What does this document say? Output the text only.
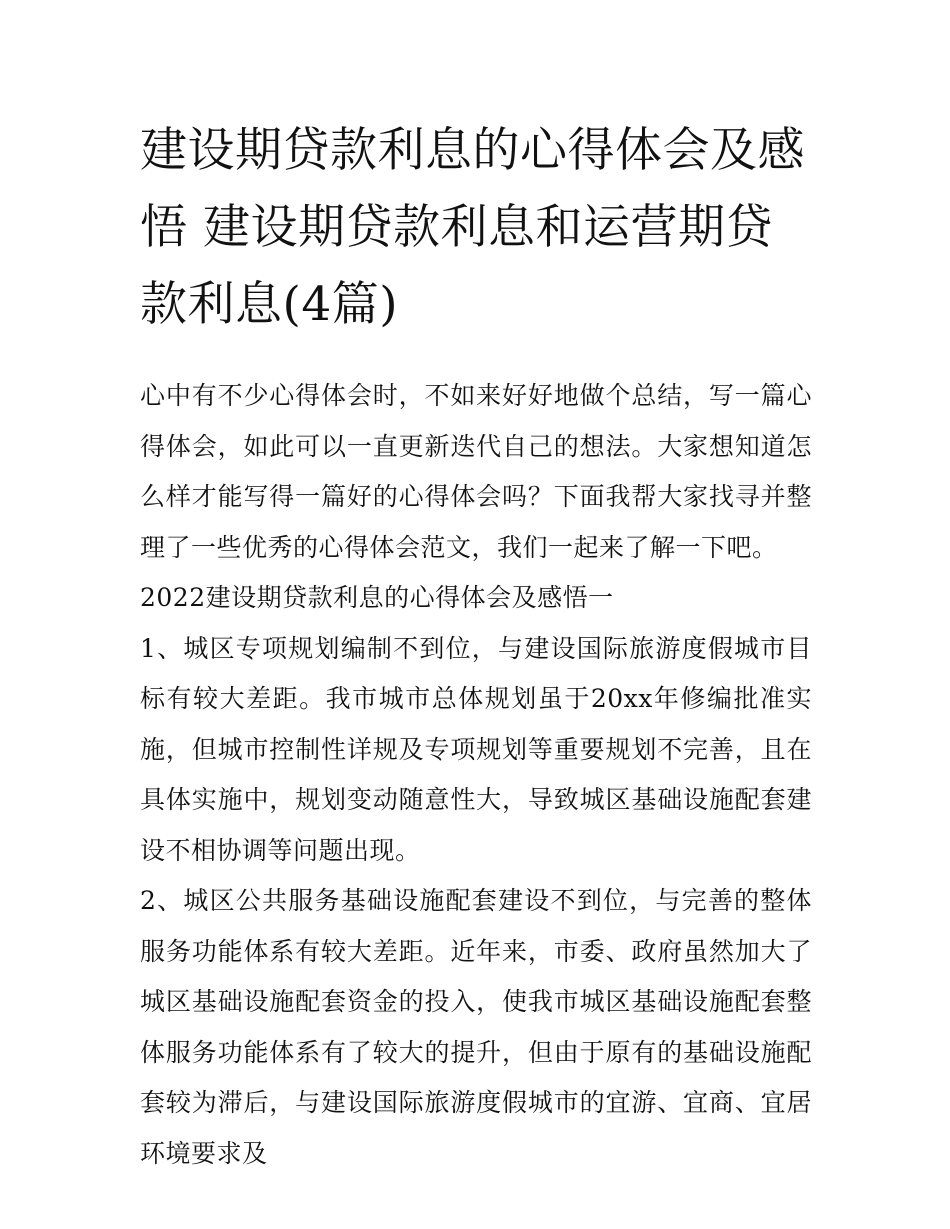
建设期贷款利息的心得体会及感悟 建设期贷款利息和运营期贷款利息(4篇)

心中有不少心得体会时，不如来好好地做个总结，写一篇心得体会，如此可以一直更新迭代自己的想法。大家想知道怎么样才能写得一篇好的心得体会吗？下面我帮大家找寻并整理了一些优秀的心得体会范文，我们一起来了解一下吧。

2022建设期贷款利息的心得体会及感悟一

1、城区专项规划编制不到位，与建设国际旅游度假城市目标有较大差距。我市城市总体规划虽于20xx年修编批准实施，但城市控制性详规及专项规划等重要规划不完善，且在具体实施中，规划变动随意性大，导致城区基础设施配套建设不相协调等问题出现。

2、城区公共服务基础设施配套建设不到位，与完善的整体服务功能体系有较大差距。近年来，市委、政府虽然加大了城区基础设施配套资金的投入，使我市城区基础设施配套整体服务功能体系有了较大的提升，但由于原有的基础设施配套较为滞后，与建设国际旅游度假城市的宜游、宜商、宜居环境要求及
